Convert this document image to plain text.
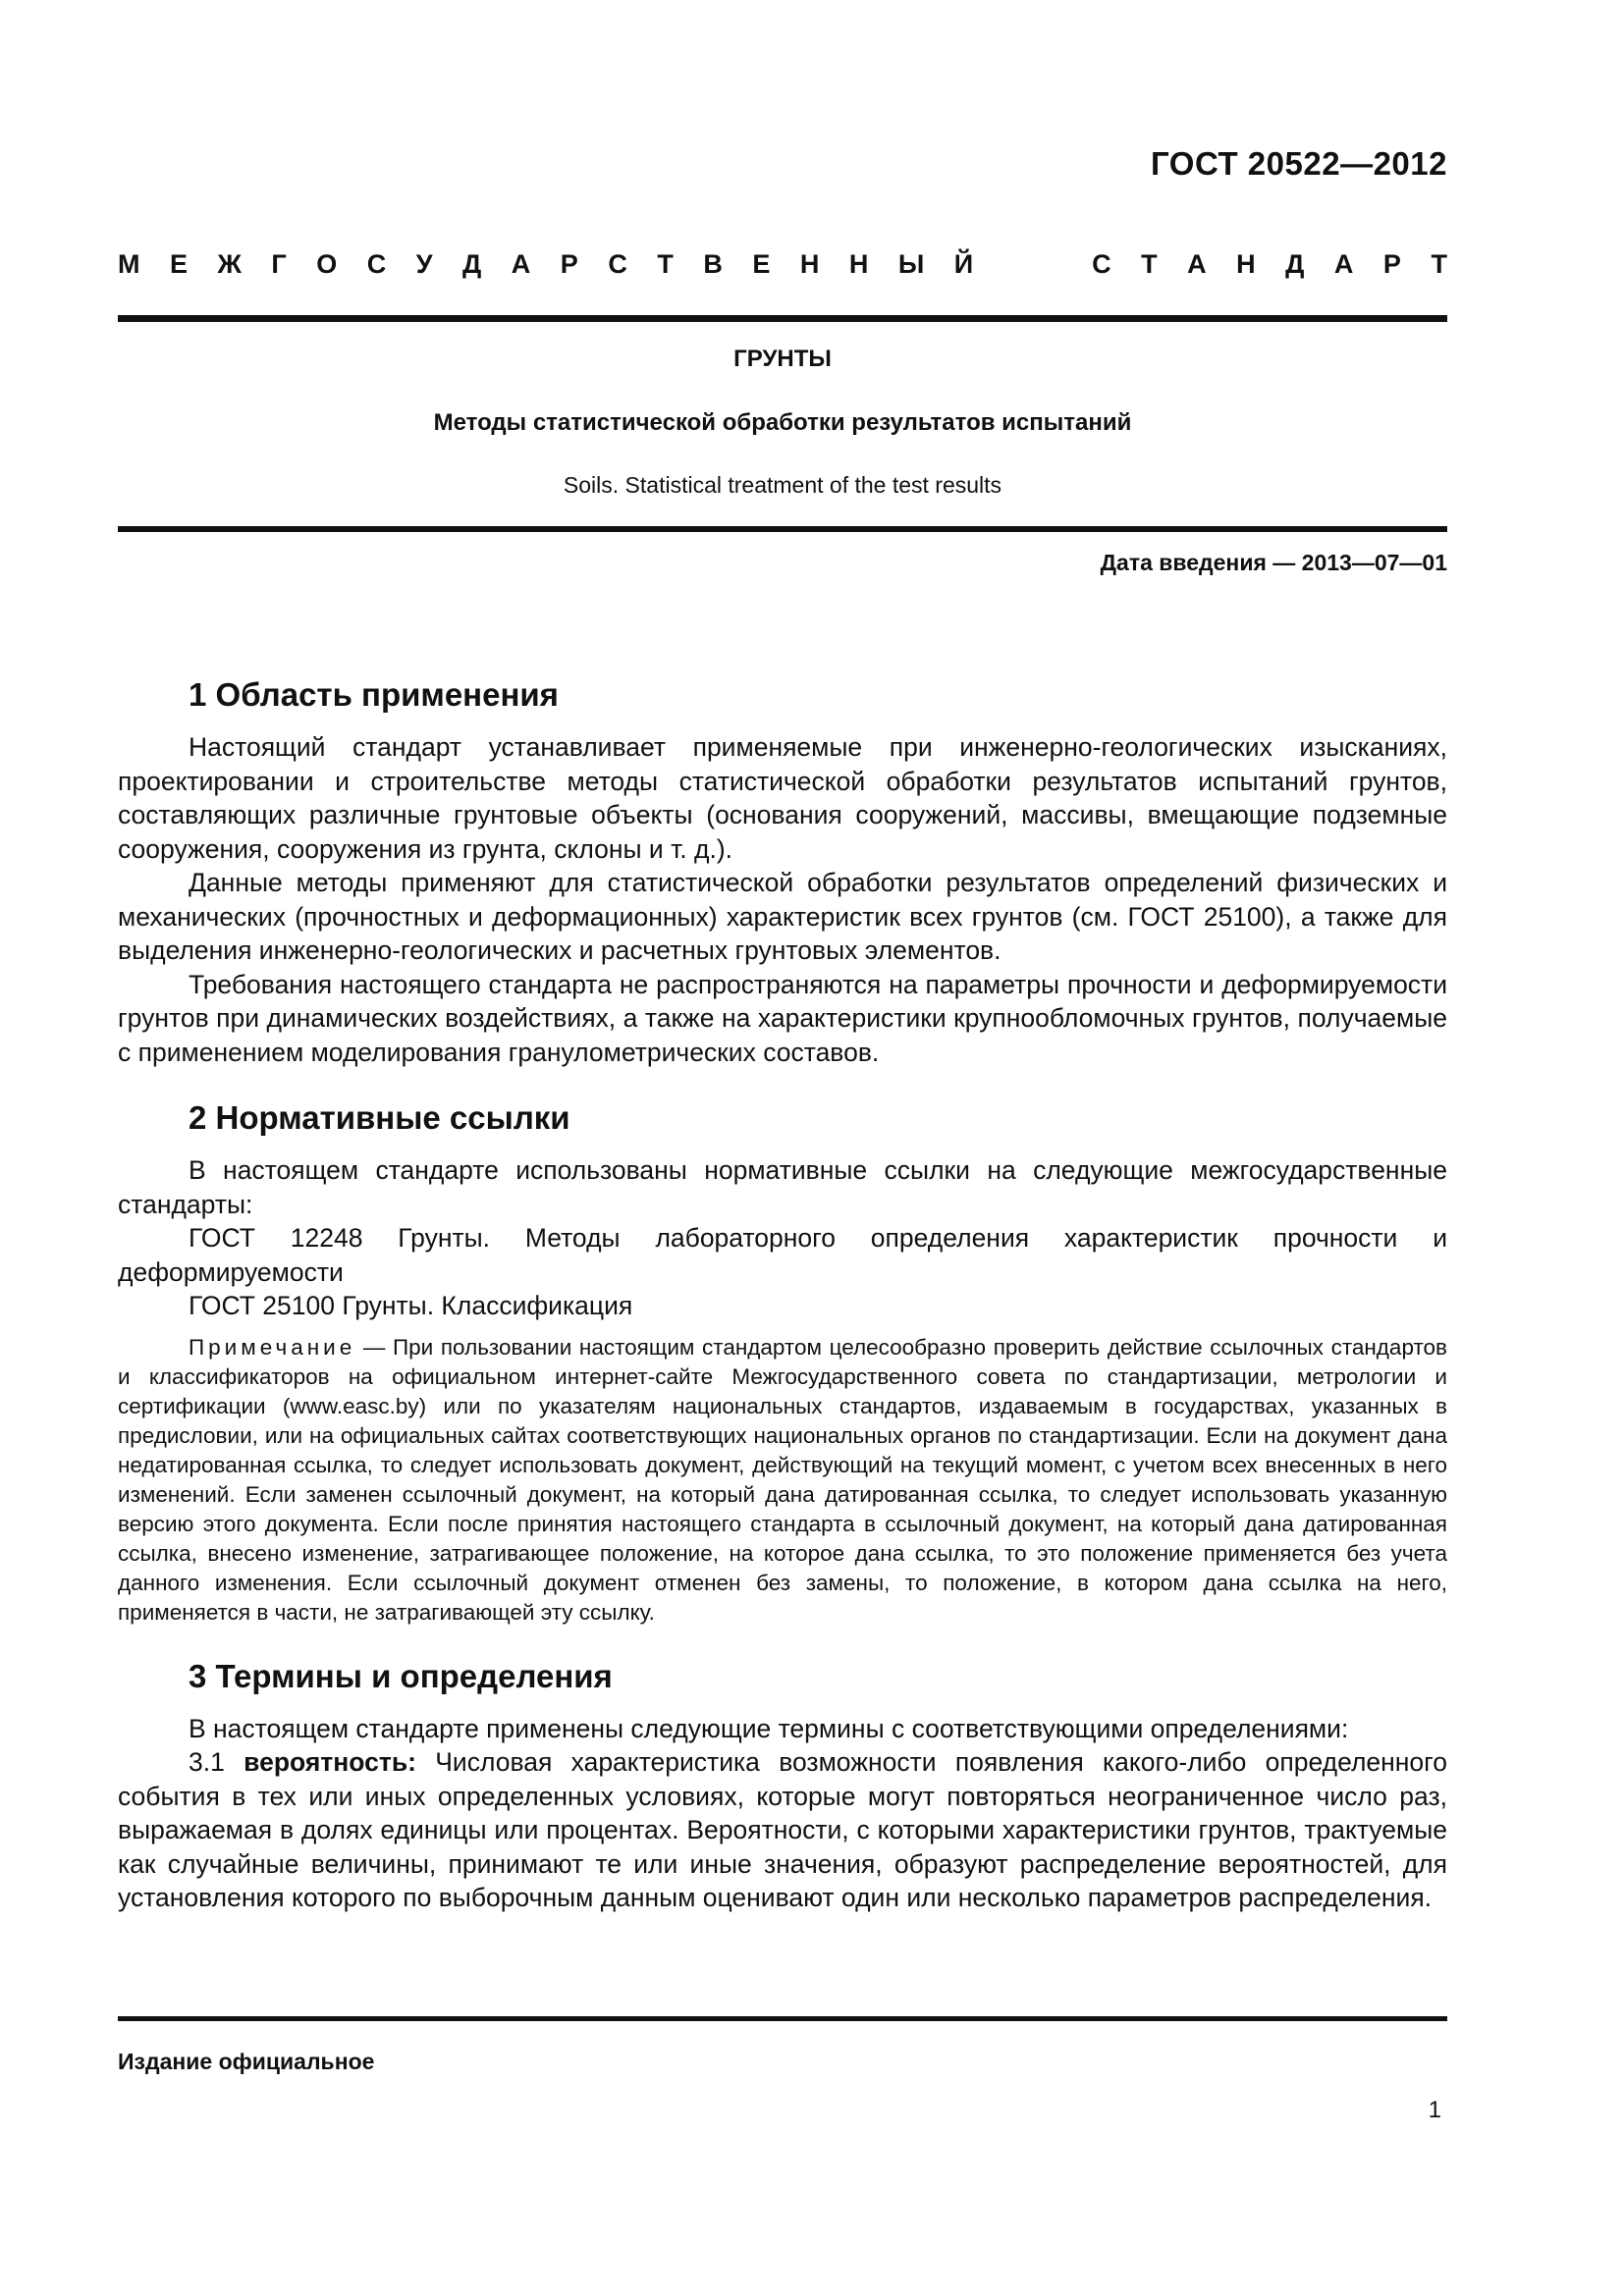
ГОСТ 20522—2012
М Е Ж Г О С У Д А Р С Т В Е Н Н Ы Й	С Т А Н Д А Р Т
ГРУНТЫ
Методы статистической обработки результатов испытаний
Soils. Statistical treatment of the test results
Дата введения — 2013—07—01
1 Область применения

Настоящий стандарт устанавливает применяемые при инженерно-геологических изысканиях, проектировании и строительстве методы статистической обработки результатов испытаний грунтов, составляющих различные грунтовые объекты (основания сооружений, массивы, вмещающие подземные сооружения, сооружения из грунта, склоны и т. д.).

Данные методы применяют для статистической обработки результатов определений физических и механических (прочностных и деформационных) характеристик всех грунтов (см. ГОСТ 25100), а также для выделения инженерно-геологических и расчетных грунтовых элементов.

Требования настоящего стандарта не распространяются на параметры прочности и деформируемости грунтов при динамических воздействиях, а также на характеристики крупнообломочных грунтов, получаемые с применением моделирования гранулометрических составов.

2 Нормативные ссылки

В настоящем стандарте использованы нормативные ссылки на следующие межгосударственные стандарты:

ГОСТ 12248 Грунты. Методы лабораторного определения характеристик прочности и деформируемости

ГОСТ 25100 Грунты. Классификация

Примечание — При пользовании настоящим стандартом целесообразно проверить действие ссылочных стандартов и классификаторов на официальном интернет-сайте Межгосударственного совета по стандартизации, метрологии и сертификации (www.easc.by) или по указателям национальных стандартов, издаваемым в государствах, указанных в предисловии, или на официальных сайтах соответствующих национальных органов по стандартизации. Если на документ дана недатированная ссылка, то следует использовать документ, действующий на текущий момент, с учетом всех внесенных в него изменений. Если заменен ссылочный документ, на который дана датированная ссылка, то следует использовать указанную версию этого документа. Если после принятия настоящего стандарта в ссылочный документ, на который дана датированная ссылка, внесено изменение, затрагивающее положение, на которое дана ссылка, то это положение применяется без учета данного изменения. Если ссылочный документ отменен без замены, то положение, в котором дана ссылка на него, применяется в части, не затрагивающей эту ссылку.

3 Термины и определения

В настоящем стандарте применены следующие термины с соответствующими определениями:

3.1 вероятность: Числовая характеристика возможности появления какого-либо определенного события в тех или иных определенных условиях, которые могут повторяться неограниченное число раз, выражаемая в долях единицы или процентах. Вероятности, с которыми характеристики грунтов, трактуемые как случайные величины, принимают те или иные значения, образуют распределение вероятностей, для установления которого по выборочным данным оценивают один или несколько параметров распределения.

Издание официальное
1
